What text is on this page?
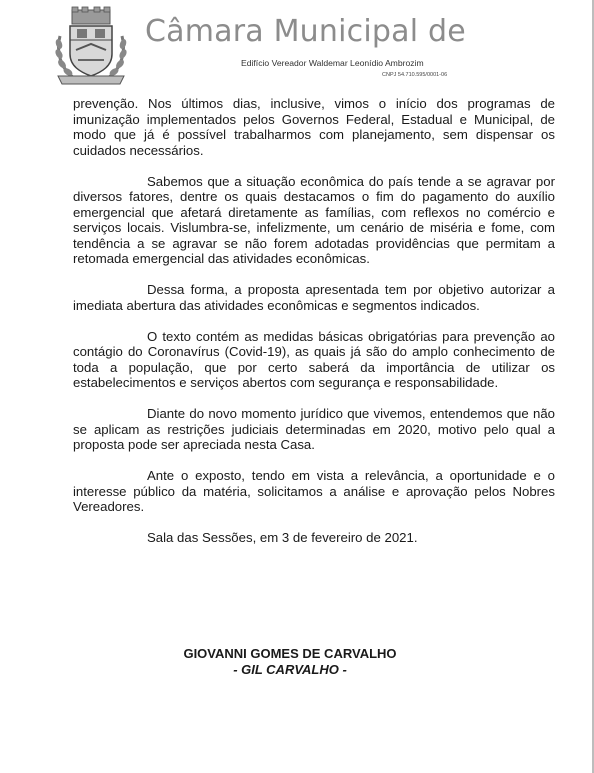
Câmara Municipal de
Edifício Vereador Waldemar Leonídio Ambrozim
CNPJ 54.710.595/0001-06

prevenção. Nos últimos dias, inclusive, vimos o início dos programas de imunização implementados pelos Governos Federal, Estadual e Municipal, de modo que já é possível trabalharmos com planejamento, sem dispensar os cuidados necessários.

Sabemos que a situação econômica do país tende a se agravar por diversos fatores, dentre os quais destacamos o fim do pagamento do auxílio emergencial que afetará diretamente as famílias, com reflexos no comércio e serviços locais. Vislumbra-se, infelizmente, um cenário de miséria e fome, com tendência a se agravar se não forem adotadas providências que permitam a retomada emergencial das atividades econômicas.

Dessa forma, a proposta apresentada tem por objetivo autorizar a imediata abertura das atividades econômicas e segmentos indicados.

O texto contém as medidas básicas obrigatórias para prevenção ao contágio do Coronavírus (Covid-19), as quais já são do amplo conhecimento de toda a população, que por certo saberá da importância de utilizar os estabelecimentos e serviços abertos com segurança e responsabilidade.

Diante do novo momento jurídico que vivemos, entendemos que não se aplicam as restrições judiciais determinadas em 2020, motivo pelo qual a proposta pode ser apreciada nesta Casa.

Ante o exposto, tendo em vista a relevância, a oportunidade e o interesse público da matéria, solicitamos a análise e aprovação pelos Nobres Vereadores.

Sala das Sessões, em 3 de fevereiro de 2021.

GIOVANNI GOMES DE CARVALHO
- GIL CARVALHO -
